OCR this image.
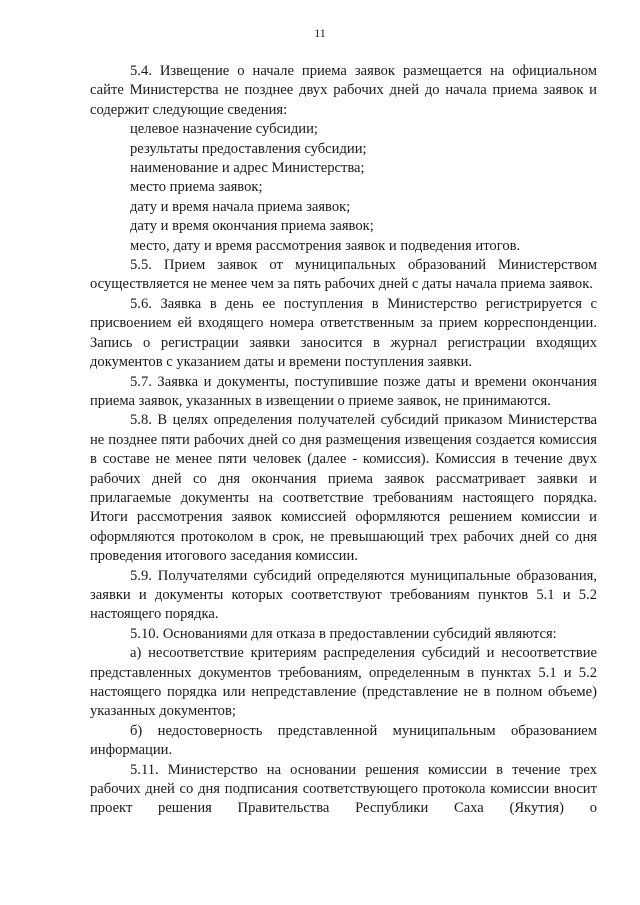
11

5.4. Извещение о начале приема заявок размещается на официальном сайте Министерства не позднее двух рабочих дней до начала приема заявок и содержит следующие сведения:

целевое назначение субсидии;

результаты предоставления субсидии;

наименование и адрес Министерства;

место приема заявок;

дату и время начала приема заявок;

дату и время окончания приема заявок;

место, дату и время рассмотрения заявок и подведения итогов.

5.5. Прием заявок от муниципальных образований Министерством осуществляется не менее чем за пять рабочих дней с даты начала приема заявок.

5.6. Заявка в день ее поступления в Министерство регистрируется с присвоением ей входящего номера ответственным за прием корреспонденции. Запись о регистрации заявки заносится в журнал регистрации входящих документов с указанием даты и времени поступления заявки.

5.7. Заявка и документы, поступившие позже даты и времени окончания приема заявок, указанных в извещении о приеме заявок, не принимаются.

5.8. В целях определения получателей субсидий приказом Министерства не позднее пяти рабочих дней со дня размещения извещения создается комиссия в составе не менее пяти человек (далее - комиссия). Комиссия в течение двух рабочих дней со дня окончания приема заявок рассматривает заявки и прилагаемые документы на соответствие требованиям настоящего порядка. Итоги рассмотрения заявок комиссией оформляются решением комиссии и оформляются протоколом в срок, не превышающий трех рабочих дней со дня проведения итогового заседания комиссии.

5.9. Получателями субсидий определяются муниципальные образования, заявки и документы которых соответствуют требованиям пунктов 5.1 и 5.2 настоящего порядка.

5.10. Основаниями для отказа в предоставлении субсидий являются:

а) несоответствие критериям распределения субсидий и несоответствие представленных документов требованиям, определенным в пунктах 5.1 и 5.2 настоящего порядка или непредставление (представление не в полном объеме) указанных документов;

б) недостоверность представленной муниципальным образованием информации.

5.11. Министерство на основании решения комиссии в течение трех рабочих дней со дня подписания соответствующего протокола комиссии вносит проект решения Правительства Республики Саха (Якутия) о
